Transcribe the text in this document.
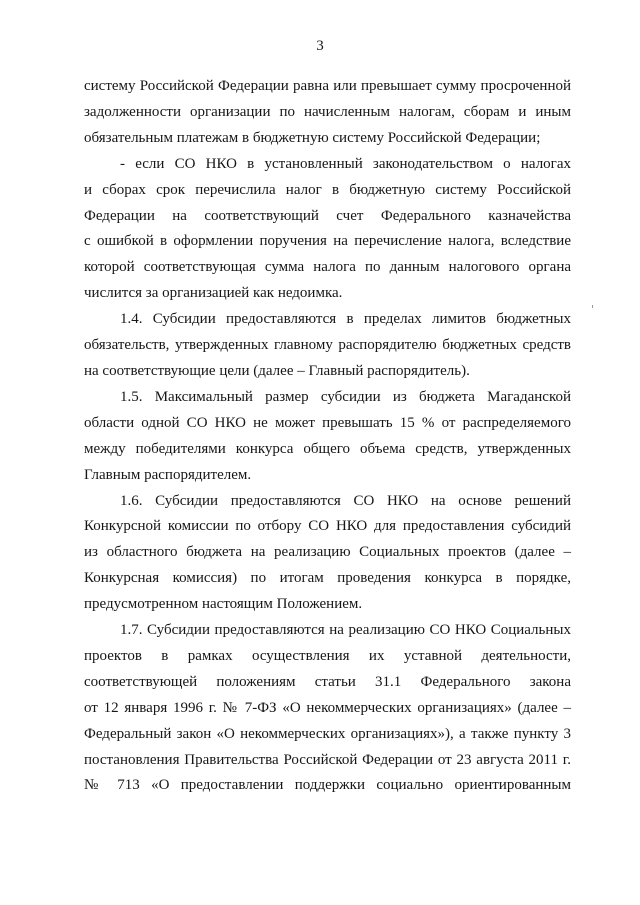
3

систему Российской Федерации равна или превышает сумму просроченной
задолженности организации по начисленным налогам, сборам и иным
обязательным платежам в бюджетную систему Российской Федерации;

- если СО НКО в установленный законодательством о налогах
и сборах срок перечислила налог в бюджетную систему Российской
Федерации на соответствующий счет Федерального казначейства
с ошибкой в оформлении поручения на перечисление налога, вследствие
которой соответствующая сумма налога по данным налогового органа
числится за организацией как недоимка.

1.4. Субсидии предоставляются в пределах лимитов бюджетных
обязательств, утвержденных главному распорядителю бюджетных средств
на соответствующие цели (далее – Главный распорядитель).

1.5. Максимальный размер субсидии из бюджета Магаданской
области одной СО НКО не может превышать 15 % от распределяемого
между победителями конкурса общего объема средств, утвержденных
Главным распорядителем.

1.6. Субсидии предоставляются СО НКО на основе решений
Конкурсной комиссии по отбору СО НКО для предоставления субсидий
из областного бюджета на реализацию Социальных проектов (далее –
Конкурсная комиссия) по итогам проведения конкурса в порядке,
предусмотренном настоящим Положением.

1.7. Субсидии предоставляются на реализацию СО НКО Социальных
проектов в рамках осуществления их уставной деятельности,
соответствующей положениям статьи 31.1 Федерального закона
от 12 января 1996 г. № 7-ФЗ «О некоммерческих организациях» (далее –
Федеральный закон «О некоммерческих организациях»), а также пункту 3
постановления Правительства Российской Федерации от 23 августа 2011 г.
№ 713 «О предоставлении поддержки социально ориентированным
